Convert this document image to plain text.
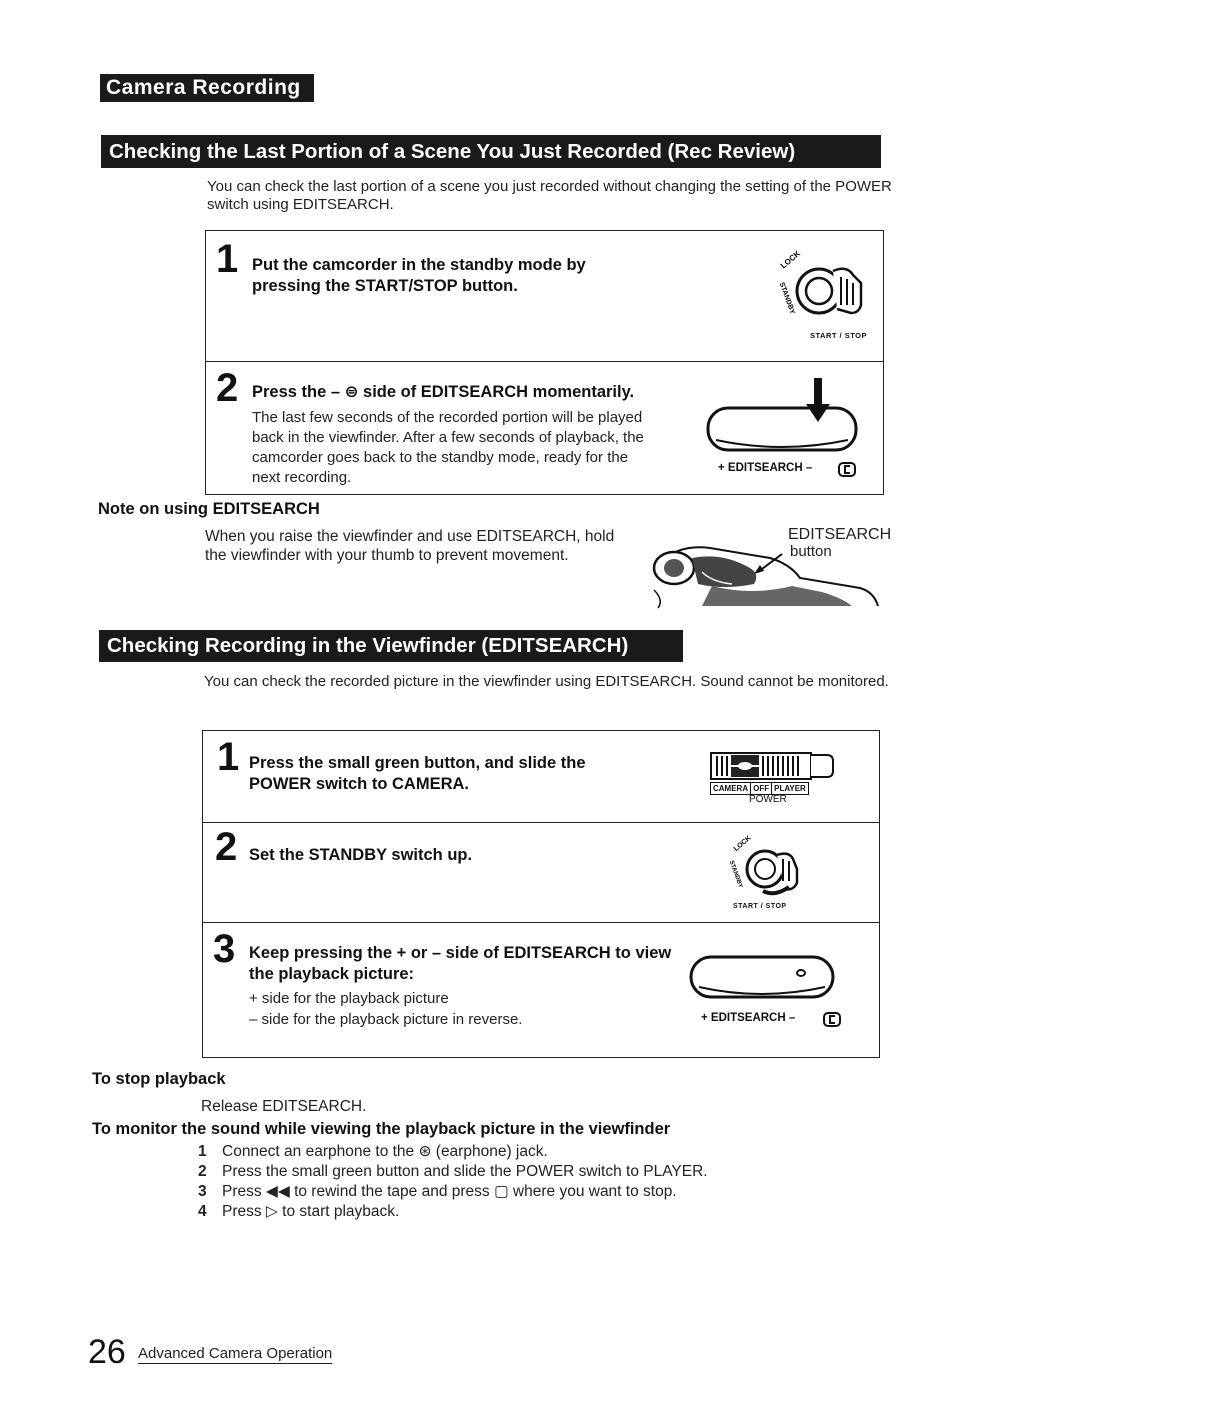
Camera Recording
Checking the Last Portion of a Scene You Just Recorded (Rec Review)
You can check the last portion of a scene you just recorded without changing the setting of the POWER switch using EDITSEARCH.
1 Put the camcorder in the standby mode by pressing the START/STOP button.
LOCK
STANDBY
START / STOP
2 Press the – ⊜ side of EDITSEARCH momentarily.
The last few seconds of the recorded portion will be played back in the viewfinder. After a few seconds of playback, the camcorder goes back to the standby mode, ready for the next recording.
+ EDITSEARCH –
Note on using EDITSEARCH
When you raise the viewfinder and use EDITSEARCH, hold the viewfinder with your thumb to prevent movement.
EDITSEARCH
button
Checking Recording in the Viewfinder (EDITSEARCH)
You can check the recorded picture in the viewfinder using EDITSEARCH. Sound cannot be monitored.
1 Press the small green button, and slide the POWER switch to CAMERA.	CAMERA OFF PLAYER
POWER
2 Set the STANDBY switch up.
LOCK
STANDBY
START / STOP
3 Keep pressing the + or – side of EDITSEARCH to view the playback picture:
+ side for the playback picture
– side for the playback picture in reverse.	+ EDITSEARCH –
To stop playback
Release EDITSEARCH.
To monitor the sound while viewing the playback picture in the viewfinder
1 Connect an earphone to the ⊛ (earphone) jack.
2 Press the small green button and slide the POWER switch to PLAYER.
3 Press ◀◀ to rewind the tape and press ▢ where you want to stop.
4 Press ▷ to start playback.
26 Advanced Camera Operation
